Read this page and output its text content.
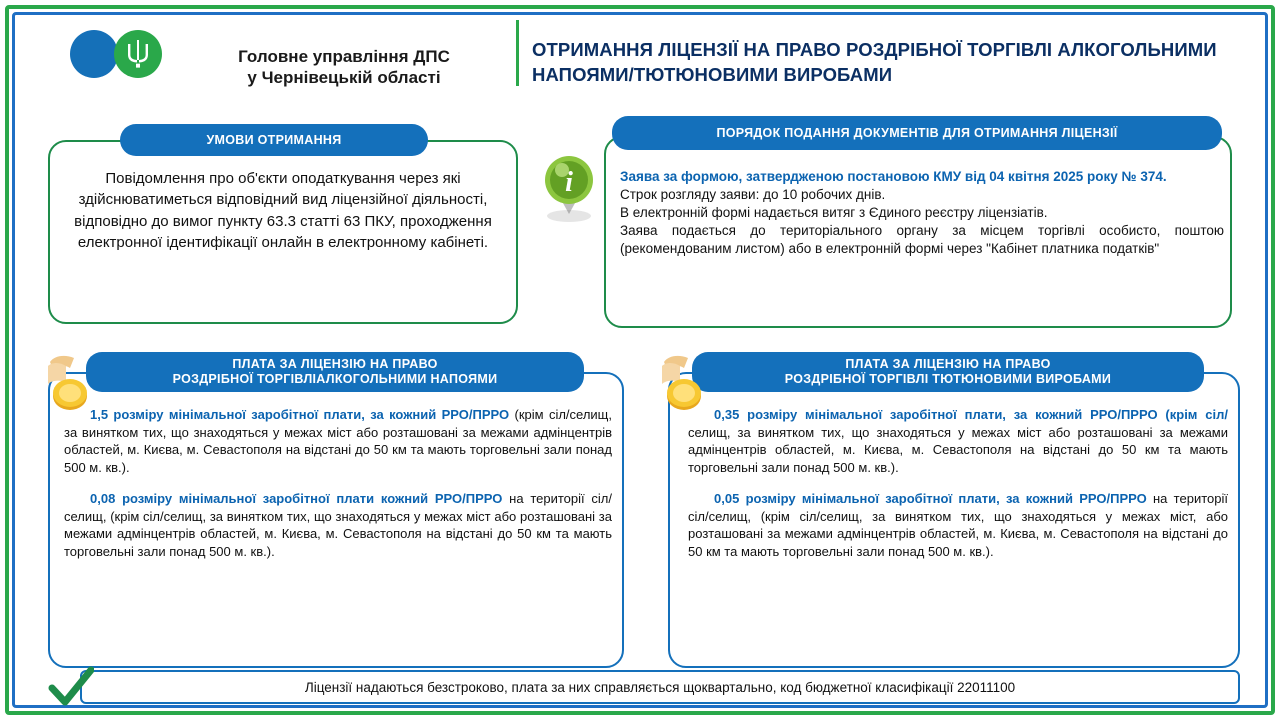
Головне управління ДПС
у Чернівецькій області
ОТРИМАННЯ ЛІЦЕНЗІЇ НА ПРАВО РОЗДРІБНОЇ ТОРГІВЛІ АЛКОГОЛЬНИМИ НАПОЯМИ/ТЮТЮНОВИМИ ВИРОБАМИ
УМОВИ ОТРИМАННЯ
Повідомлення про об'єкти оподаткування через які здійснюватиметься відповідний вид ліцензійної діяльності, відповідно до вимог пункту 63.3 статті 63 ПКУ, проходження електронної ідентифікації онлайн в електронному кабінеті.
ПОРЯДОК ПОДАННЯ ДОКУМЕНТІВ ДЛЯ ОТРИМАННЯ ЛІЦЕНЗІЇ
i	Заява за формою, затвердженою постановою КМУ від 04 квітня 2025 року № 374.
Строк розгляду заяви: до 10 робочих днів.
В електронній формі надається витяг з Єдиного реєстру ліцензіатів.
Заява подається до територіального органу за місцем торгівлі особисто, поштою (рекомендованим листом) або в електронній формі через "Кабінет платника податків"
ПЛАТА ЗА ЛІЦЕНЗІЮ НА ПРАВО
РОЗДРІБНОЇ ТОРГІВЛІАЛКОГОЛЬНИМИ НАПОЯМИ

1,5 розміру мінімальної заробітної плати, за кожний РРО/ПРРО (крім сіл/селищ, за винятком тих, що знаходяться у межах міст або розташовані за межами адмінцентрів областей, м. Києва, м. Севастополя на відстані до 50 км та мають торговельні зали понад 500 м. кв.).

0,08 розміру мінімальної заробітної плати кожний РРО/ПРРО на території сіл/селищ, (крім сіл/селищ, за винятком тих, що знаходяться у межах міст або розташовані за межами адмінцентрів областей, м. Києва, м. Севастополя на відстані до 50 км та мають торговельні зали понад 500 м. кв.).

ПЛАТА ЗА ЛІЦЕНЗІЮ НА ПРАВО
РОЗДРІБНОЇ ТОРГІВЛІ ТЮТЮНОВИМИ ВИРОБАМИ

0,35 розміру мінімальної заробітної плати, за кожний РРО/ПРРО (крім сіл/селищ, за винятком тих, що знаходяться у межах міст або розташовані за межами адмінцентрів областей, м. Києва, м. Севастополя на відстані до 50 км та мають торговельні зали понад 500 м. кв.).

0,05 розміру мінімальної заробітної плати, за кожний РРО/ПРРО на території сіл/селищ, (крім сіл/селищ, за винятком тих, що знаходяться у межах міст, або розташовані за межами адмінцентрів областей, м. Києва, м. Севастополя на відстані до 50 км та мають торговельні зали понад 500 м. кв.).

Ліцензії надаються безстроково, плата за них справляється щоквартально, код бюджетної класифікації 22011100
